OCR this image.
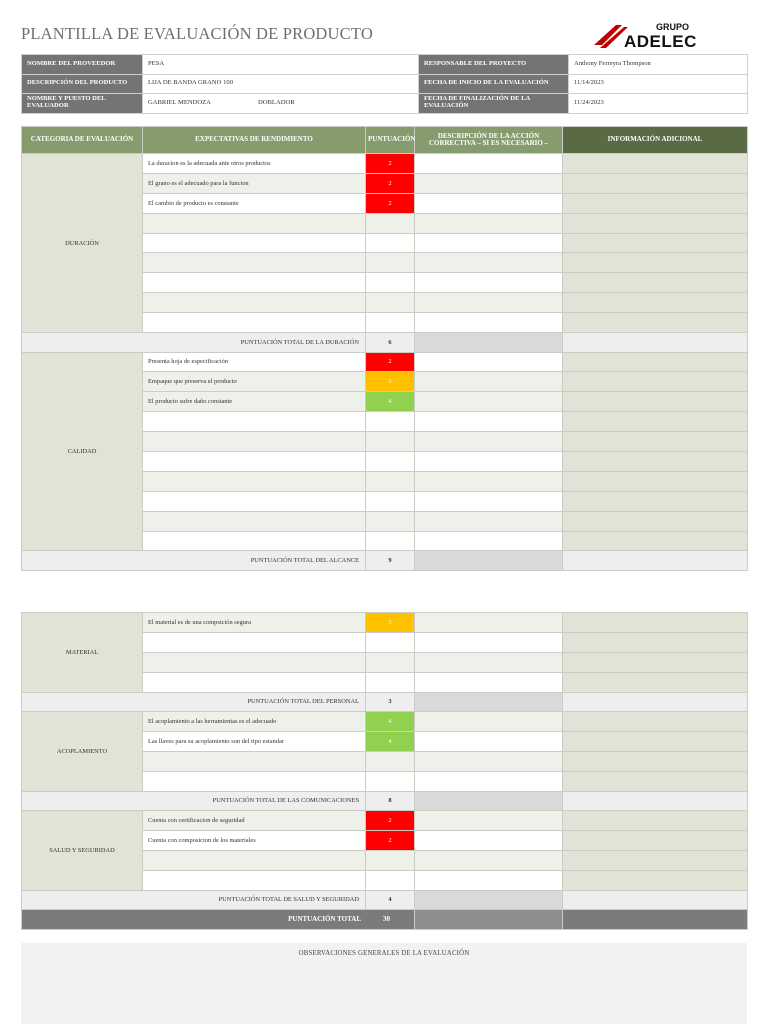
PLANTILLA DE EVALUACIÓN DE PRODUCTO	GRUPO
ADELEC
NOMBRE DEL PROVEEDOR	PESA	RESPONSABLE DEL PROYECTO	Anthony Ferreyra Thompson
DESCRIPCIÓN DEL PRODUCTO	LIJA DE BANDA GRANO 100	FECHA DE INICIO DE LA EVALUACIÓN	11/14/2023
NOMBRE Y PUESTO DEL EVALUADOR	GABRIEL MENDOZA DOBLADOR	FECHA DE FINALIZACIÓN DE LA EVALUACIÓN	11/24/2023
CATEGORIA DE EVALUACIÓN	EXPECTATIVAS DE RENDIMIENTO	PUNTUACIÓN	DESCRIPCIÓN DE LA ACCIÓN CORRECTIVA – SI ES NECESARIO –	INFORMACIÓN ADICIONAL
DURACIÓN	La duracion es la adecuada ante otros productos	2		
	El grano es el adecuado para la funcion	2		
	El cambio de producto es constante	2		

PUNTUACIÓN TOTAL DE LA DURACIÓN		6		
CALIDAD	Presenta hoja de especificación	2		
	Empaque que preserva el producto	3		
	El producto sufre daño constante	4		

PUNTUACIÓN TOTAL DEL ALCANCE		9		
MATERIAL	El material es de una compsición segura	3		

PUNTUACIÓN TOTAL DEL PERSONAL		3		
ACOPLAMIENTO	El acoplamiento a las herramientas es el adecuado	4		
	Las llaves para su acoplamiento son del tipo estandar	4		

PUNTUACIÓN TOTAL DE LAS COMUNICACIONES		8		
SALUD Y SEGURIDAD	Cuenta con certificacion de seguridad	2		
	Cuenta con composicion de los materiales	2		

PUNTUACIÓN TOTAL DE SALUD Y SEGURIDAD		4		
PUNTUACIÓN TOTAL 30				
OBSERVACIONES GENERALES DE LA EVALUACIÓN
